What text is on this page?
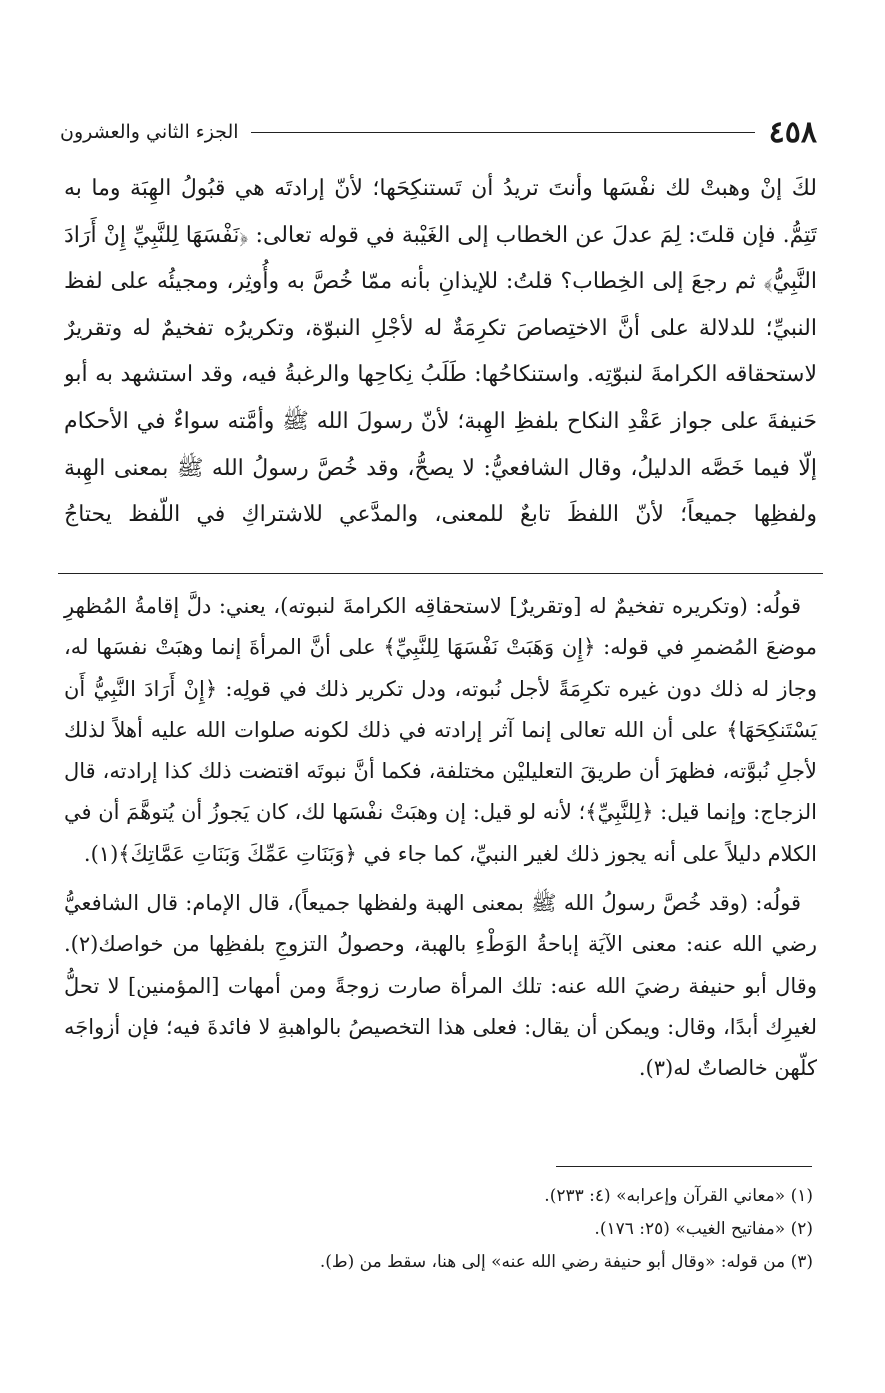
٤٥٨
الجزء الثاني والعشرون
لكَ إنْ وهبتْ لك نفْسَها وأنتَ تريدُ أن تَستنكِحَها؛ لأنّ إرادتَه هي قبُولُ الهِبَة وما به تَتِمُّ. فإن قلتَ: لِمَ عدلَ عن الخطاب إلى الغَيْبة في قوله تعالى: ﴿نَفْسَهَا لِلنَّبِيِّ إِنْ أَرَادَ النَّبِيُّ﴾ ثم رجعَ إلى الخِطاب؟ قلتُ: للإيذانِ بأنه ممّا خُصَّ به وأُوثِر، ومجيئُه على لفظ النبيِّ؛ للدلالة على أنَّ الاختِصاصَ تكرِمَةٌ له لأجْلِ النبوّة، وتكريرُه تفخيمٌ له وتقريرٌ لاستحقاقه الكرامةَ لنبوّتِه. واستنكاحُها: طَلَبُ نِكاحِها والرغبةُ فيه، وقد استشهد به أبو حَنيفةَ على جواز عَقْدِ النكاح بلفظِ الهِبة؛ لأنّ رسولَ الله ﷺ وأمَّته سواءٌ في الأحكام إلّا فيما خَصَّه الدليلُ، وقال الشافعيُّ: لا يصحُّ، وقد خُصَّ رسولُ الله ﷺ بمعنى الهِبة ولفظِها جميعاً؛ لأنّ اللفظَ تابعٌ للمعنى، والمدَّعي للاشتراكِ في اللّفظ يحتاجُ

قولُه: (وتكريره تفخيمٌ له [وتقريرٌ] لاستحقاقِه الكرامةَ لنبوته)، يعني: دلَّ إقامةُ المُظهرِ موضعَ المُضمرِ في قوله: ﴿إِن وَهَبَتْ نَفْسَهَا لِلنَّبِيِّ﴾ على أنَّ المرأةَ إنما وهبَتْ نفسَها له، وجاز له ذلك دون غيره تكرِمَةً لأجل نُبوته، ودل تكرير ذلك في قولِه: ﴿إِنْ أَرَادَ النَّبِيُّ أَن يَسْتَنكِحَهَا﴾ على أن الله تعالى إنما آثر إرادته في ذلك لكونه صلوات الله عليه أهلاً لذلك لأجلِ نُبوَّته، فظهرَ أن طريقَ التعليليْن مختلفة، فكما أنَّ نبوتَه اقتضت ذلك كذا إرادته، قال الزجاج: وإنما قيل: ﴿لِلنَّبِيِّ﴾؛ لأنه لو قيل: إن وهبَتْ نفْسَها لك، كان يَجوزُ أن يُتوهَّمَ أن في الكلام دليلاً على أنه يجوز ذلك لغير النبيِّ، كما جاء في ﴿وَبَنَاتِ عَمِّكَ وَبَنَاتِ عَمَّاتِكَ﴾(١).

قولُه: (وقد خُصَّ رسولُ الله ﷺ بمعنى الهبة ولفظها جميعاً)، قال الإمام: قال الشافعيُّ رضي الله عنه: معنى الآيَة إباحةُ الوَطْءِ بالهبة، وحصولُ التزوجِ بلفظِها من خواصك(٢). وقال أبو حنيفة رضيَ الله عنه: تلك المرأة صارت زوجةً ومن أمهات [المؤمنين] لا تحلُّ لغيرِك أبدًا، وقال: ويمكن أن يقال: فعلى هذا التخصيصُ بالواهبةِ لا فائدةَ فيه؛ فإن أزواجَه كلّهن خالصاتٌ له(٣).

(١) «معاني القرآن وإعرابه» (٤: ٢٣٣).
(٢) «مفاتيح الغيب» (٢٥: ١٧٦).
(٣) من قوله: «وقال أبو حنيفة رضي الله عنه» إلى هنا، سقط من (ط).
